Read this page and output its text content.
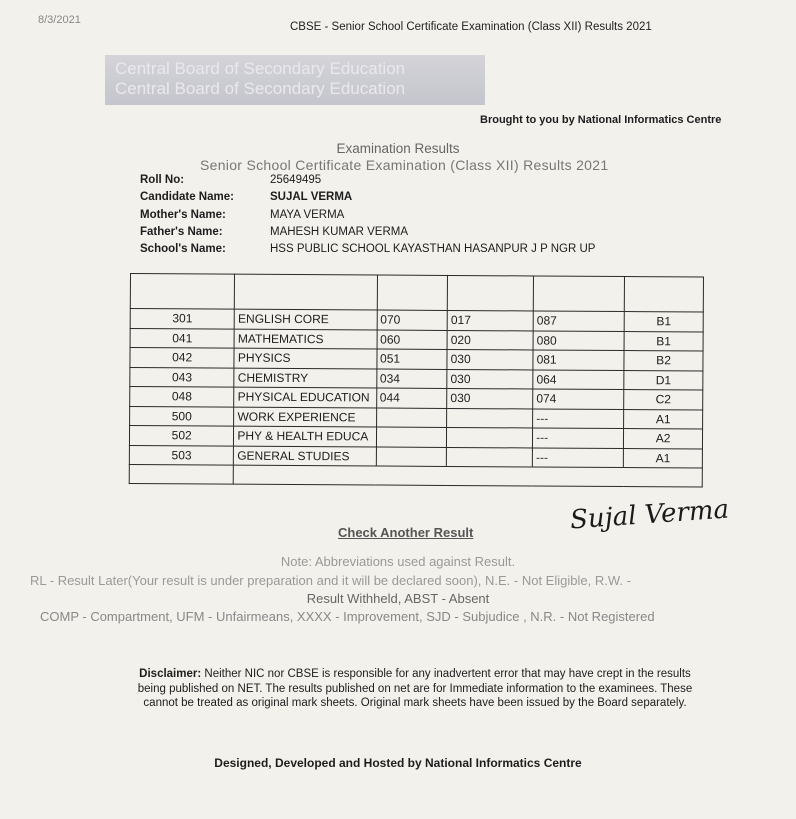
8/3/2021
CBSE - Senior School Certificate Examination (Class XII) Results 2021
Central Board of Secondary Education
Central Board of Secondary Education
Brought to you by National Informatics Centre
Examination Results
Senior School Certificate Examination (Class XII) Results 2021
Roll No:	25649495
Candidate Name:	SUJAL VERMA
Mother's Name:	MAYA VERMA
Father's Name:	MAHESH KUMAR VERMA
School's Name:	HSS PUBLIC SCHOOL KAYASTHAN HASANPUR J P NGR UP

301	ENGLISH CORE	070	017	087	B1
041	MATHEMATICS	060	020	080	B1
042	PHYSICS	051	030	081	B2
043	CHEMISTRY	034	030	064	D1
048	PHYSICAL EDUCATION	044	030	074	C2
500	WORK EXPERIENCE			---	A1
502	PHY & HEALTH EDUCA			---	A2
503	GENERAL STUDIES			---	A1

Check Another Result	Sujal Verma
Note: Abbreviations used against Result.
RL - Result Later(Your result is under preparation and it will be declared soon), N.E. - Not Eligible, R.W. -
Result Withheld, ABST - Absent
COMP - Compartment, UFM - Unfairmeans, XXXX - Improvement, SJD - Subjudice , N.R. - Not Registered
Disclaimer: Neither NIC nor CBSE is responsible for any inadvertent error that may have crept in the results being published on NET. The results published on net are for Immediate information to the examinees. These cannot be treated as original mark sheets. Original mark sheets have been issued by the Board separately.
Designed, Developed and Hosted by National Informatics Centre
